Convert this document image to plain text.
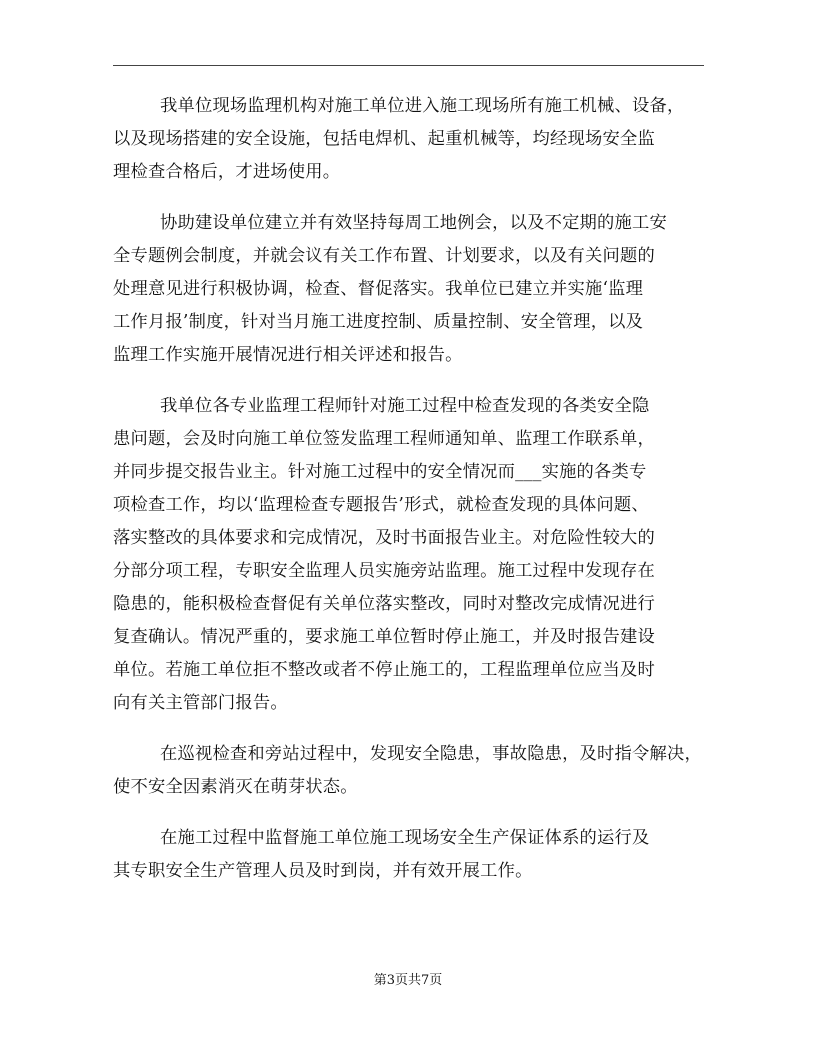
我单位现场监理机构对施工单位进入施工现场所有施工机械、设备，
以及现场搭建的安全设施，包括电焊机、起重机械等，均经现场安全监
理检查合格后，才进场使用。
协助建设单位建立并有效坚持每周工地例会，以及不定期的施工安
全专题例会制度，并就会议有关工作布置、计划要求，以及有关问题的
处理意见进行积极协调，检查、督促落实。我单位已建立并实施‘监理
工作月报’制度，针对当月施工进度控制、质量控制、安全管理，以及
监理工作实施开展情况进行相关评述和报告。
我单位各专业监理工程师针对施工过程中检查发现的各类安全隐
患问题，会及时向施工单位签发监理工程师通知单、监理工作联系单，
并同步提交报告业主。针对施工过程中的安全情况而___实施的各类专
项检查工作，均以‘监理检查专题报告’形式，就检查发现的具体问题、
落实整改的具体要求和完成情况，及时书面报告业主。对危险性较大的
分部分项工程，专职安全监理人员实施旁站监理。施工过程中发现存在
隐患的，能积极检查督促有关单位落实整改，同时对整改完成情况进行
复查确认。情况严重的，要求施工单位暂时停止施工，并及时报告建设
单位。若施工单位拒不整改或者不停止施工的，工程监理单位应当及时
向有关主管部门报告。
在巡视检查和旁站过程中，发现安全隐患，事故隐患，及时指令解决，
使不安全因素消灭在萌芽状态。
在施工过程中监督施工单位施工现场安全生产保证体系的运行及
其专职安全生产管理人员及时到岗，并有效开展工作。
第3页共7页
